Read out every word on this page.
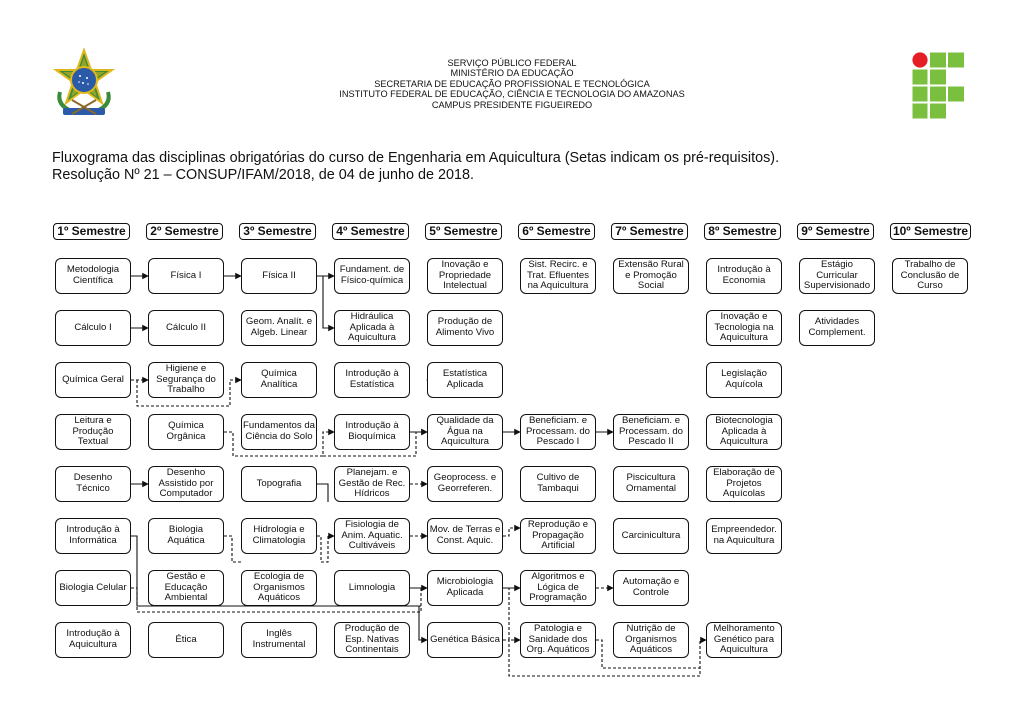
SERVIÇO PÚBLICO FEDERAL
MINISTÉRIO DA EDUCAÇÃO
SECRETARIA DE EDUCAÇÃO PROFISSIONAL E TECNOLÓGICA
INSTITUTO FEDERAL DE EDUCAÇÃO, CIÊNCIA E TECNOLOGIA DO AMAZONAS
CAMPUS PRESIDENTE FIGUEIREDO
Fluxograma das disciplinas obrigatórias do curso de Engenharia em Aquicultura (Setas indicam os pré-requisitos).
Resolução Nº 21 – CONSUP/IFAM/2018, de 04 de junho de 2018.
1º Semestre
Metodologia Científica
Cálculo I
Química Geral
Leitura e Produção Textual
Desenho Técnico
Introdução à Informática
Biologia Celular
Introdução à Aquicultura
2º Semestre
Física I
Cálculo II
Higiene e Segurança do Trabalho
Química Orgânica
Desenho Assistido por Computador
Biologia Aquática
Gestão e Educação Ambiental
Ética
3º Semestre
Física II
Geom. Analít. e Algeb. Linear
Química Analítica
Fundamentos da Ciência do Solo
Topografia
Hidrologia e Climatologia
Ecologia de Organismos Aquáticos
Inglês Instrumental
4º Semestre
Fundament. de Físico-química
Hidráulica Aplicada à Aquicultura
Introdução à Estatística
Introdução à Bioquímica
Planejam. e Gestão de Rec. Hídricos
Fisiologia de Anim. Aquatic. Cultiváveis
Limnologia
Produção de Esp. Nativas Continentais
5º Semestre
Inovação e Propriedade Intelectual
Produção de Alimento Vivo
Estatística Aplicada
Qualidade da Água na Aquicultura
Geoprocess. e Georreferen.
Mov. de Terras e Const. Aquic.
Microbiologia Aplicada
Genética Básica
6º Semestre
Sist. Recirc. e Trat. Efluentes na Aquicultura
Beneficiam. e Processam. do Pescado I
Cultivo de Tambaqui
Reprodução e Propagação Artificial
Algoritmos e Lógica de Programação
Patologia e Sanidade dos Org. Aquáticos
7º Semestre
Extensão Rural e Promoção Social
Beneficiam. e Processam. do Pescado II
Piscicultura Ornamental
Carcinicultura
Automação e Controle
Nutrição de Organismos Aquáticos
8º Semestre
Introdução à Economia
Inovação e Tecnologia na Aquicultura
Legislação Aquícola
Biotecnologia Aplicada à Aquicultura
Elaboração de Projetos Aquícolas
Empreendedor. na Aquicultura
Melhoramento Genético para Aquicultura
9º Semestre
Estágio Curricular Supervisionado
Atividades Complement.
10º Semestre
Trabalho de Conclusão de Curso
